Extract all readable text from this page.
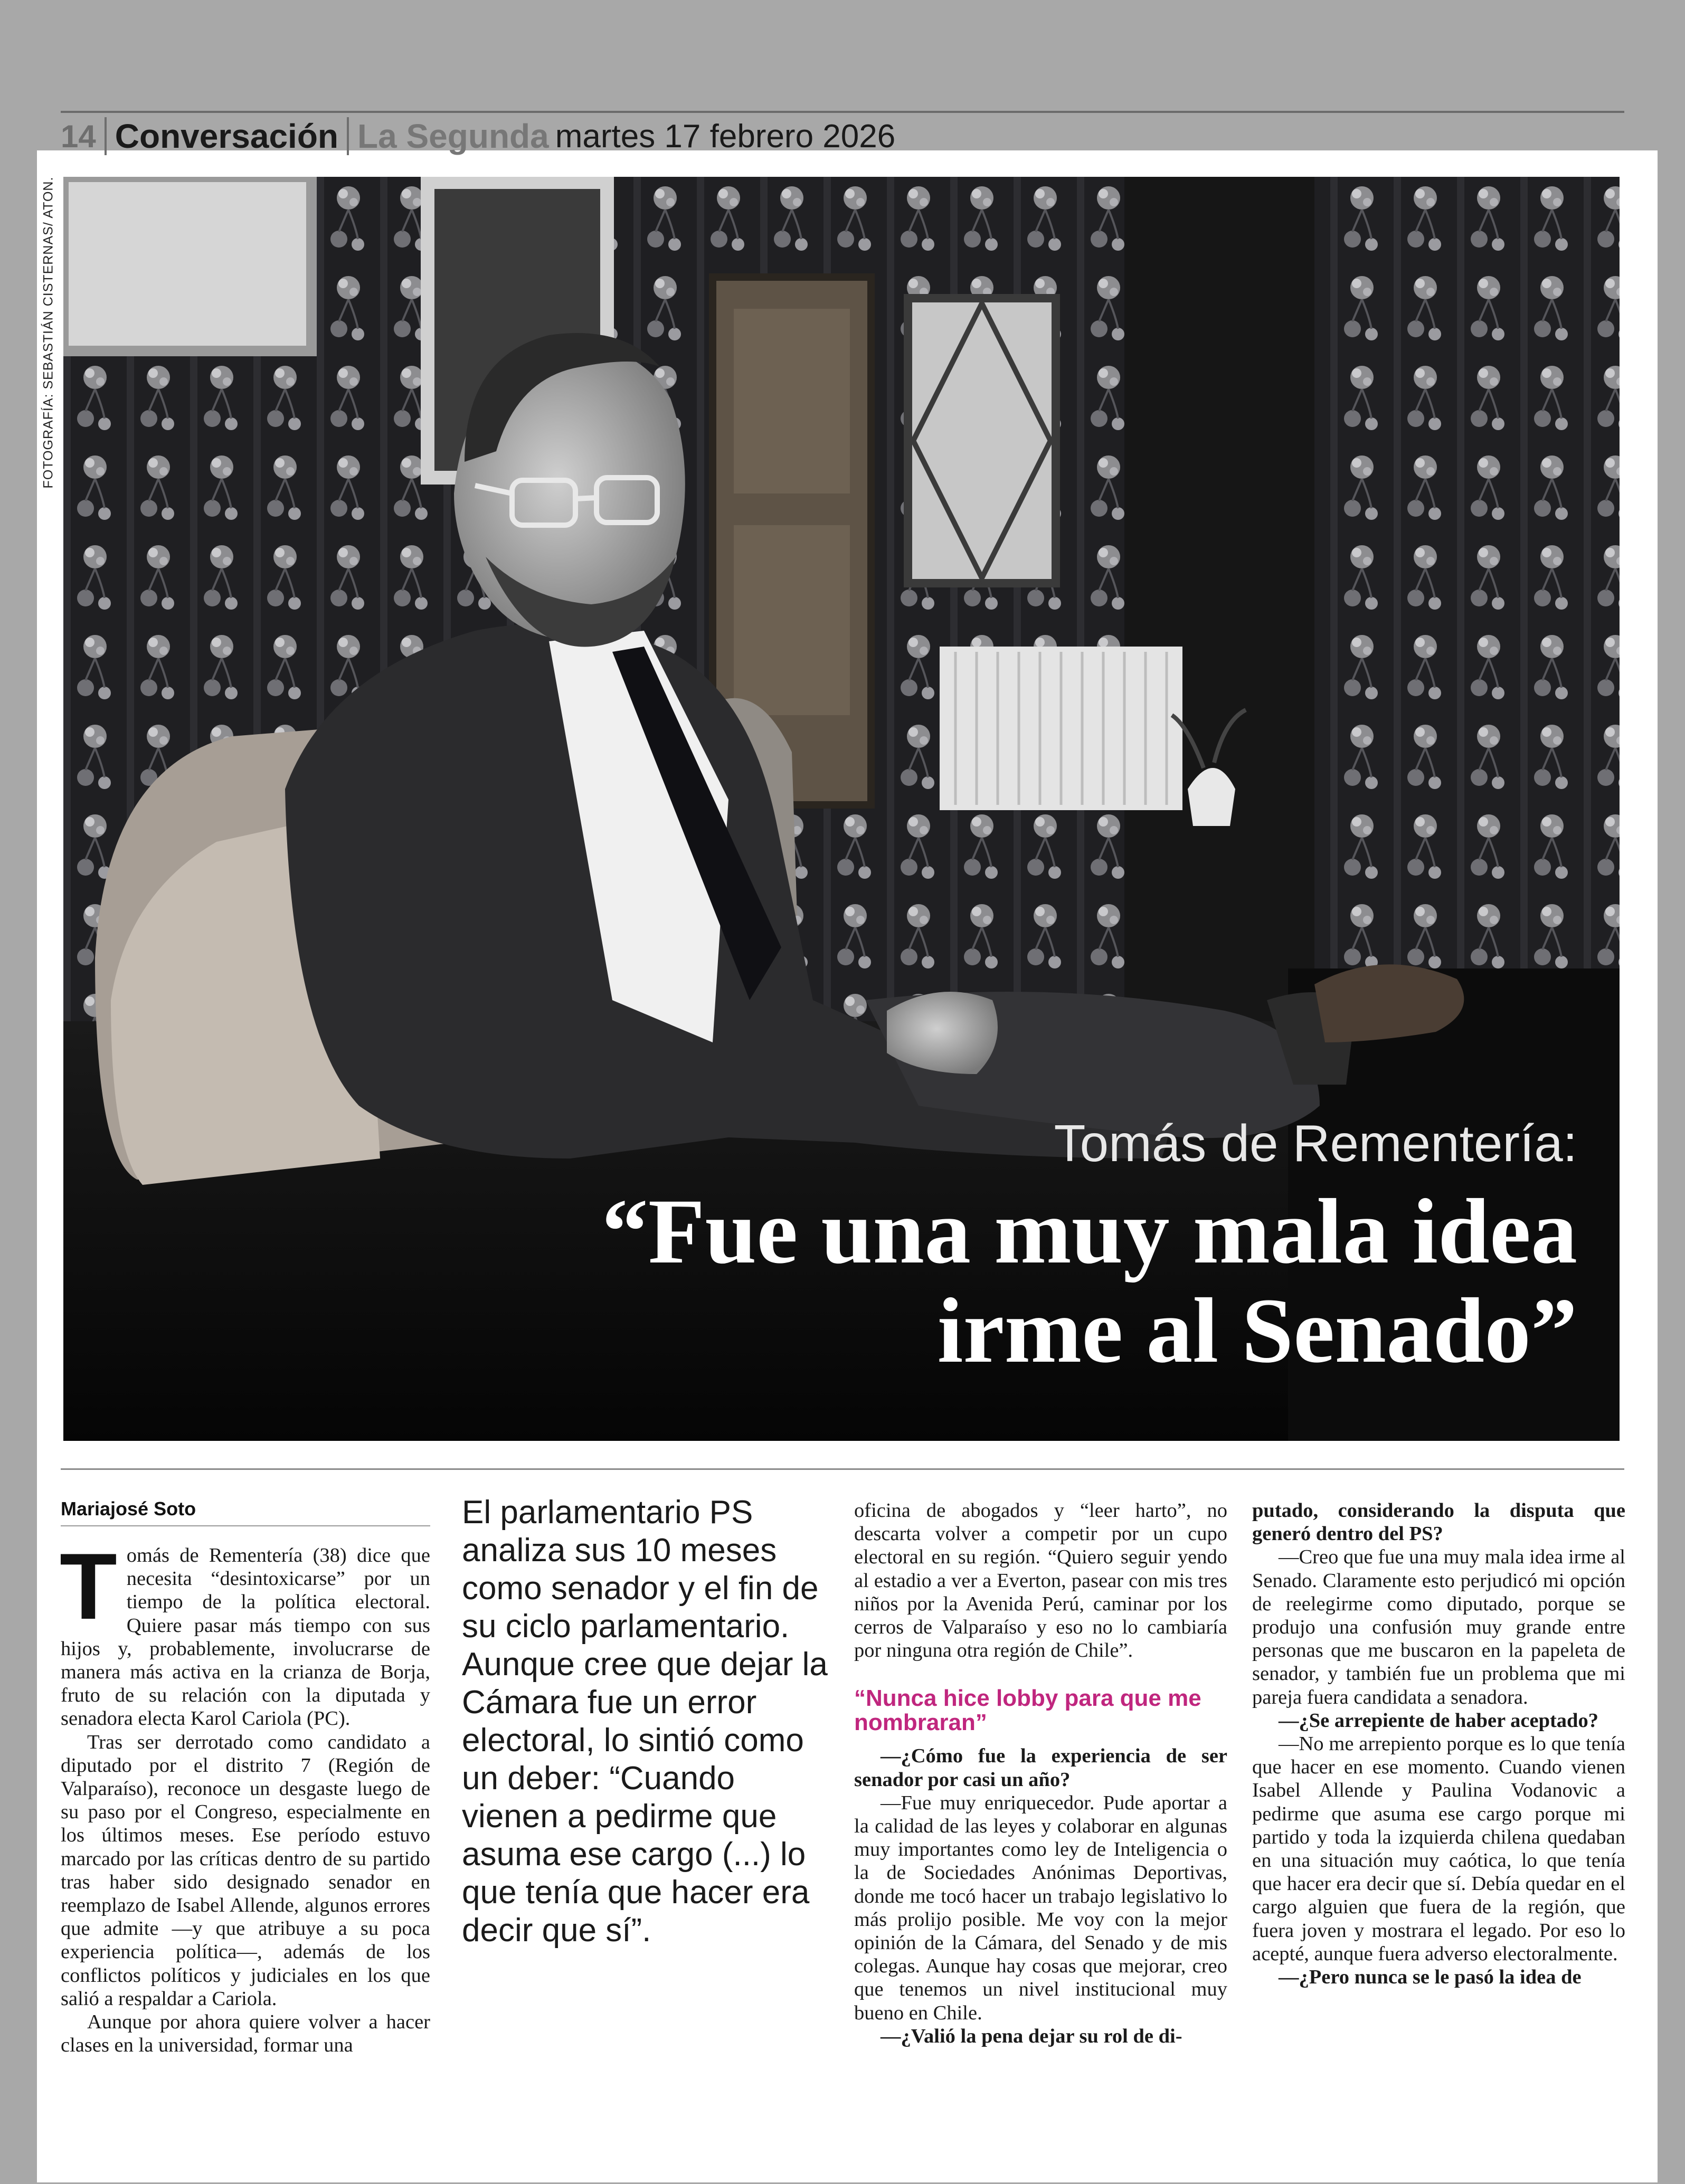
14 Conversación La Segunda martes 17 febrero 2026
FOTOGRAFÍA: SEBASTIÁN CISTERNAS/ ATON.
Tomás de Rementería:
“Fue una muy mala idea
irme al Senado”
Mariajosé Soto

Tomás de Rementería (38) dice que necesita “desintoxicarse” por un tiempo de la política electoral. Quiere pasar más tiempo con sus hijos y, probablemente, involucrarse de manera más activa en la crianza de Borja, fruto de su relación con la diputada y senadora electa Karol Cariola (PC).

Tras ser derrotado como candidato a diputado por el distrito 7 (Región de Valparaíso), reconoce un desgaste luego de su paso por el Congreso, especialmente en los últimos meses. Ese período estuvo marcado por las críticas dentro de su partido tras haber sido designado senador en reemplazo de Isabel Allende, algunos errores que admite —y que atribuye a su poca experiencia política—, además de los conflictos políticos y judiciales en los que salió a respaldar a Cariola.

Aunque por ahora quiere volver a hacer clases en la universidad, formar una

El parlamentario PS analiza sus 10 meses como senador y el fin de su ciclo parlamentario. Aunque cree que dejar la Cámara fue un error electoral, lo sintió como un deber: “Cuando vienen a pedirme que asuma ese cargo (...) lo que tenía que hacer era decir que sí”.

oficina de abogados y “leer harto”, no descarta volver a competir por un cupo electoral en su región. “Quiero seguir yendo al estadio a ver a Everton, pasear con mis tres niños por la Avenida Perú, caminar por los cerros de Valparaíso y eso no lo cambiaría por ninguna otra región de Chile”.

“Nunca hice lobby para que me nombraran”

—¿Cómo fue la experiencia de ser senador por casi un año?

—Fue muy enriquecedor. Pude aportar a la calidad de las leyes y colaborar en algunas muy importantes como ley de Inteligencia o la de Sociedades Anónimas Deportivas, donde me tocó hacer un trabajo legislativo lo más prolijo posible. Me voy con la mejor opinión de la Cámara, del Senado y de mis colegas. Aunque hay cosas que mejorar, creo que tenemos un nivel institucional muy bueno en Chile.

—¿Valió la pena dejar su rol de di-

putado, considerando la disputa que generó dentro del PS?

—Creo que fue una muy mala idea irme al Senado. Claramente esto perjudicó mi opción de reelegirme como diputado, porque se produjo una confusión muy grande entre personas que me buscaron en la papeleta de senador, y también fue un problema que mi pareja fuera candidata a senadora.

—¿Se arrepiente de haber aceptado?

—No me arrepiento porque es lo que tenía que hacer en ese momento. Cuando vienen Isabel Allende y Paulina Vodanovic a pedirme que asuma ese cargo porque mi partido y toda la izquierda chilena quedaban en una situación muy caótica, lo que tenía que hacer era decir que sí. Debía quedar en el cargo alguien que fuera de la región, que fuera joven y mostrara el legado. Por eso lo acepté, aunque fuera adverso electoralmente.

—¿Pero nunca se le pasó la idea de
